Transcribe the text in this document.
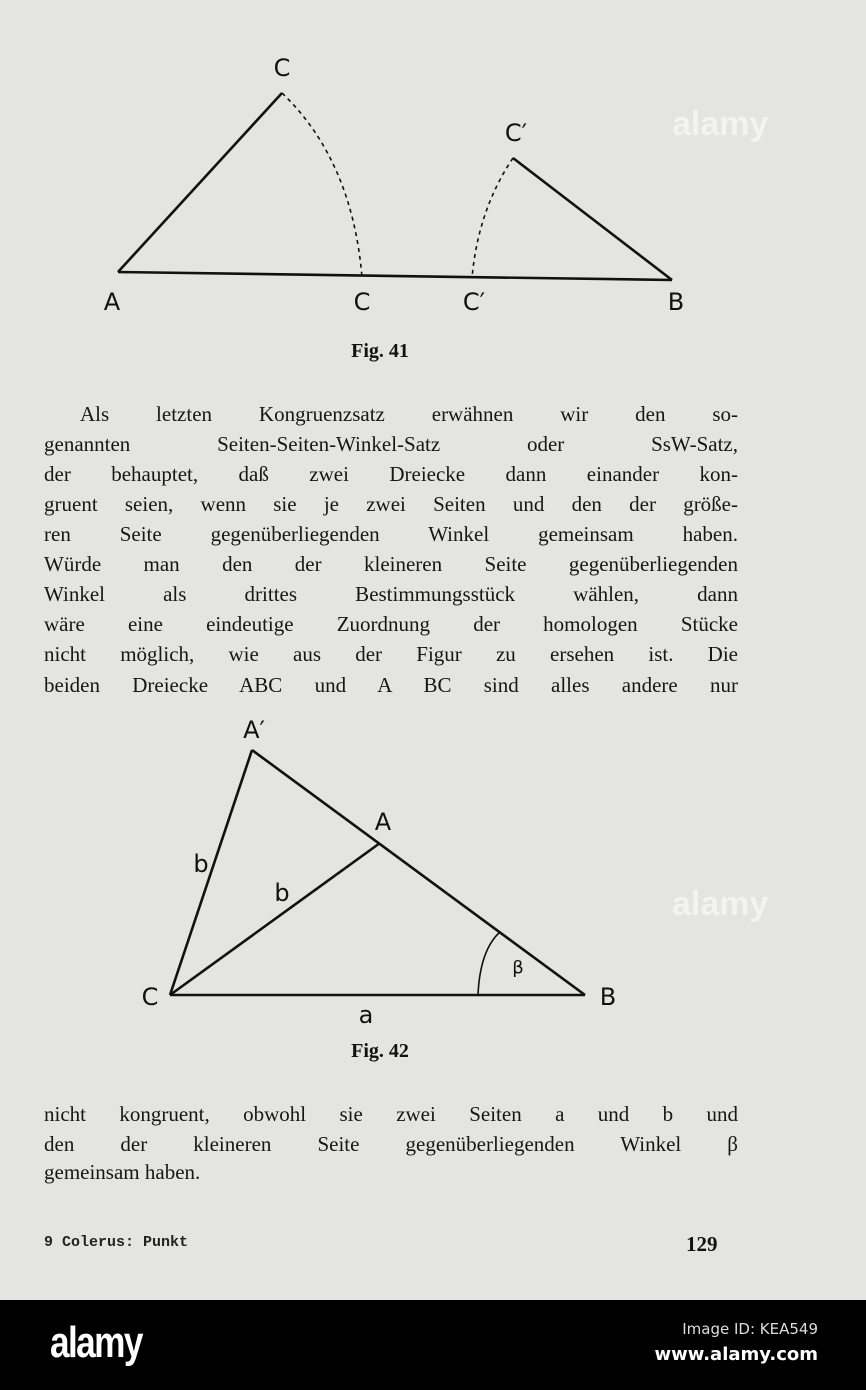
C
C′
A	C	C′	B
Fig. 41
Als letzten Kongruenzsatz erwähnen wir den so-
genannten Seiten-Seiten-Winkel-Satz oder SsW-Satz,
der behauptet, daß zwei Dreiecke dann einander kon-
gruent seien, wenn sie je zwei Seiten und den der größe-
ren Seite gegenüberliegenden Winkel gemeinsam haben.
Würde man den der kleineren Seite gegenüberliegenden
Winkel als drittes Bestimmungsstück wählen, dann
wäre eine eindeutige Zuordnung der homologen Stücke
nicht möglich, wie aus der Figur zu ersehen ist. Die
beiden Dreiecke ABC und A BC sind alles andere nur
A′
A
b
b
β
C	B
a
Fig. 42
nicht kongruent, obwohl sie zwei Seiten a und b und
den der kleineren Seite gegenüberliegenden Winkel β
gemeinsam haben.
9 Colerus: Punkt	129
alamy
alamy
alamy	Image ID: KEA549
www.alamy.com
